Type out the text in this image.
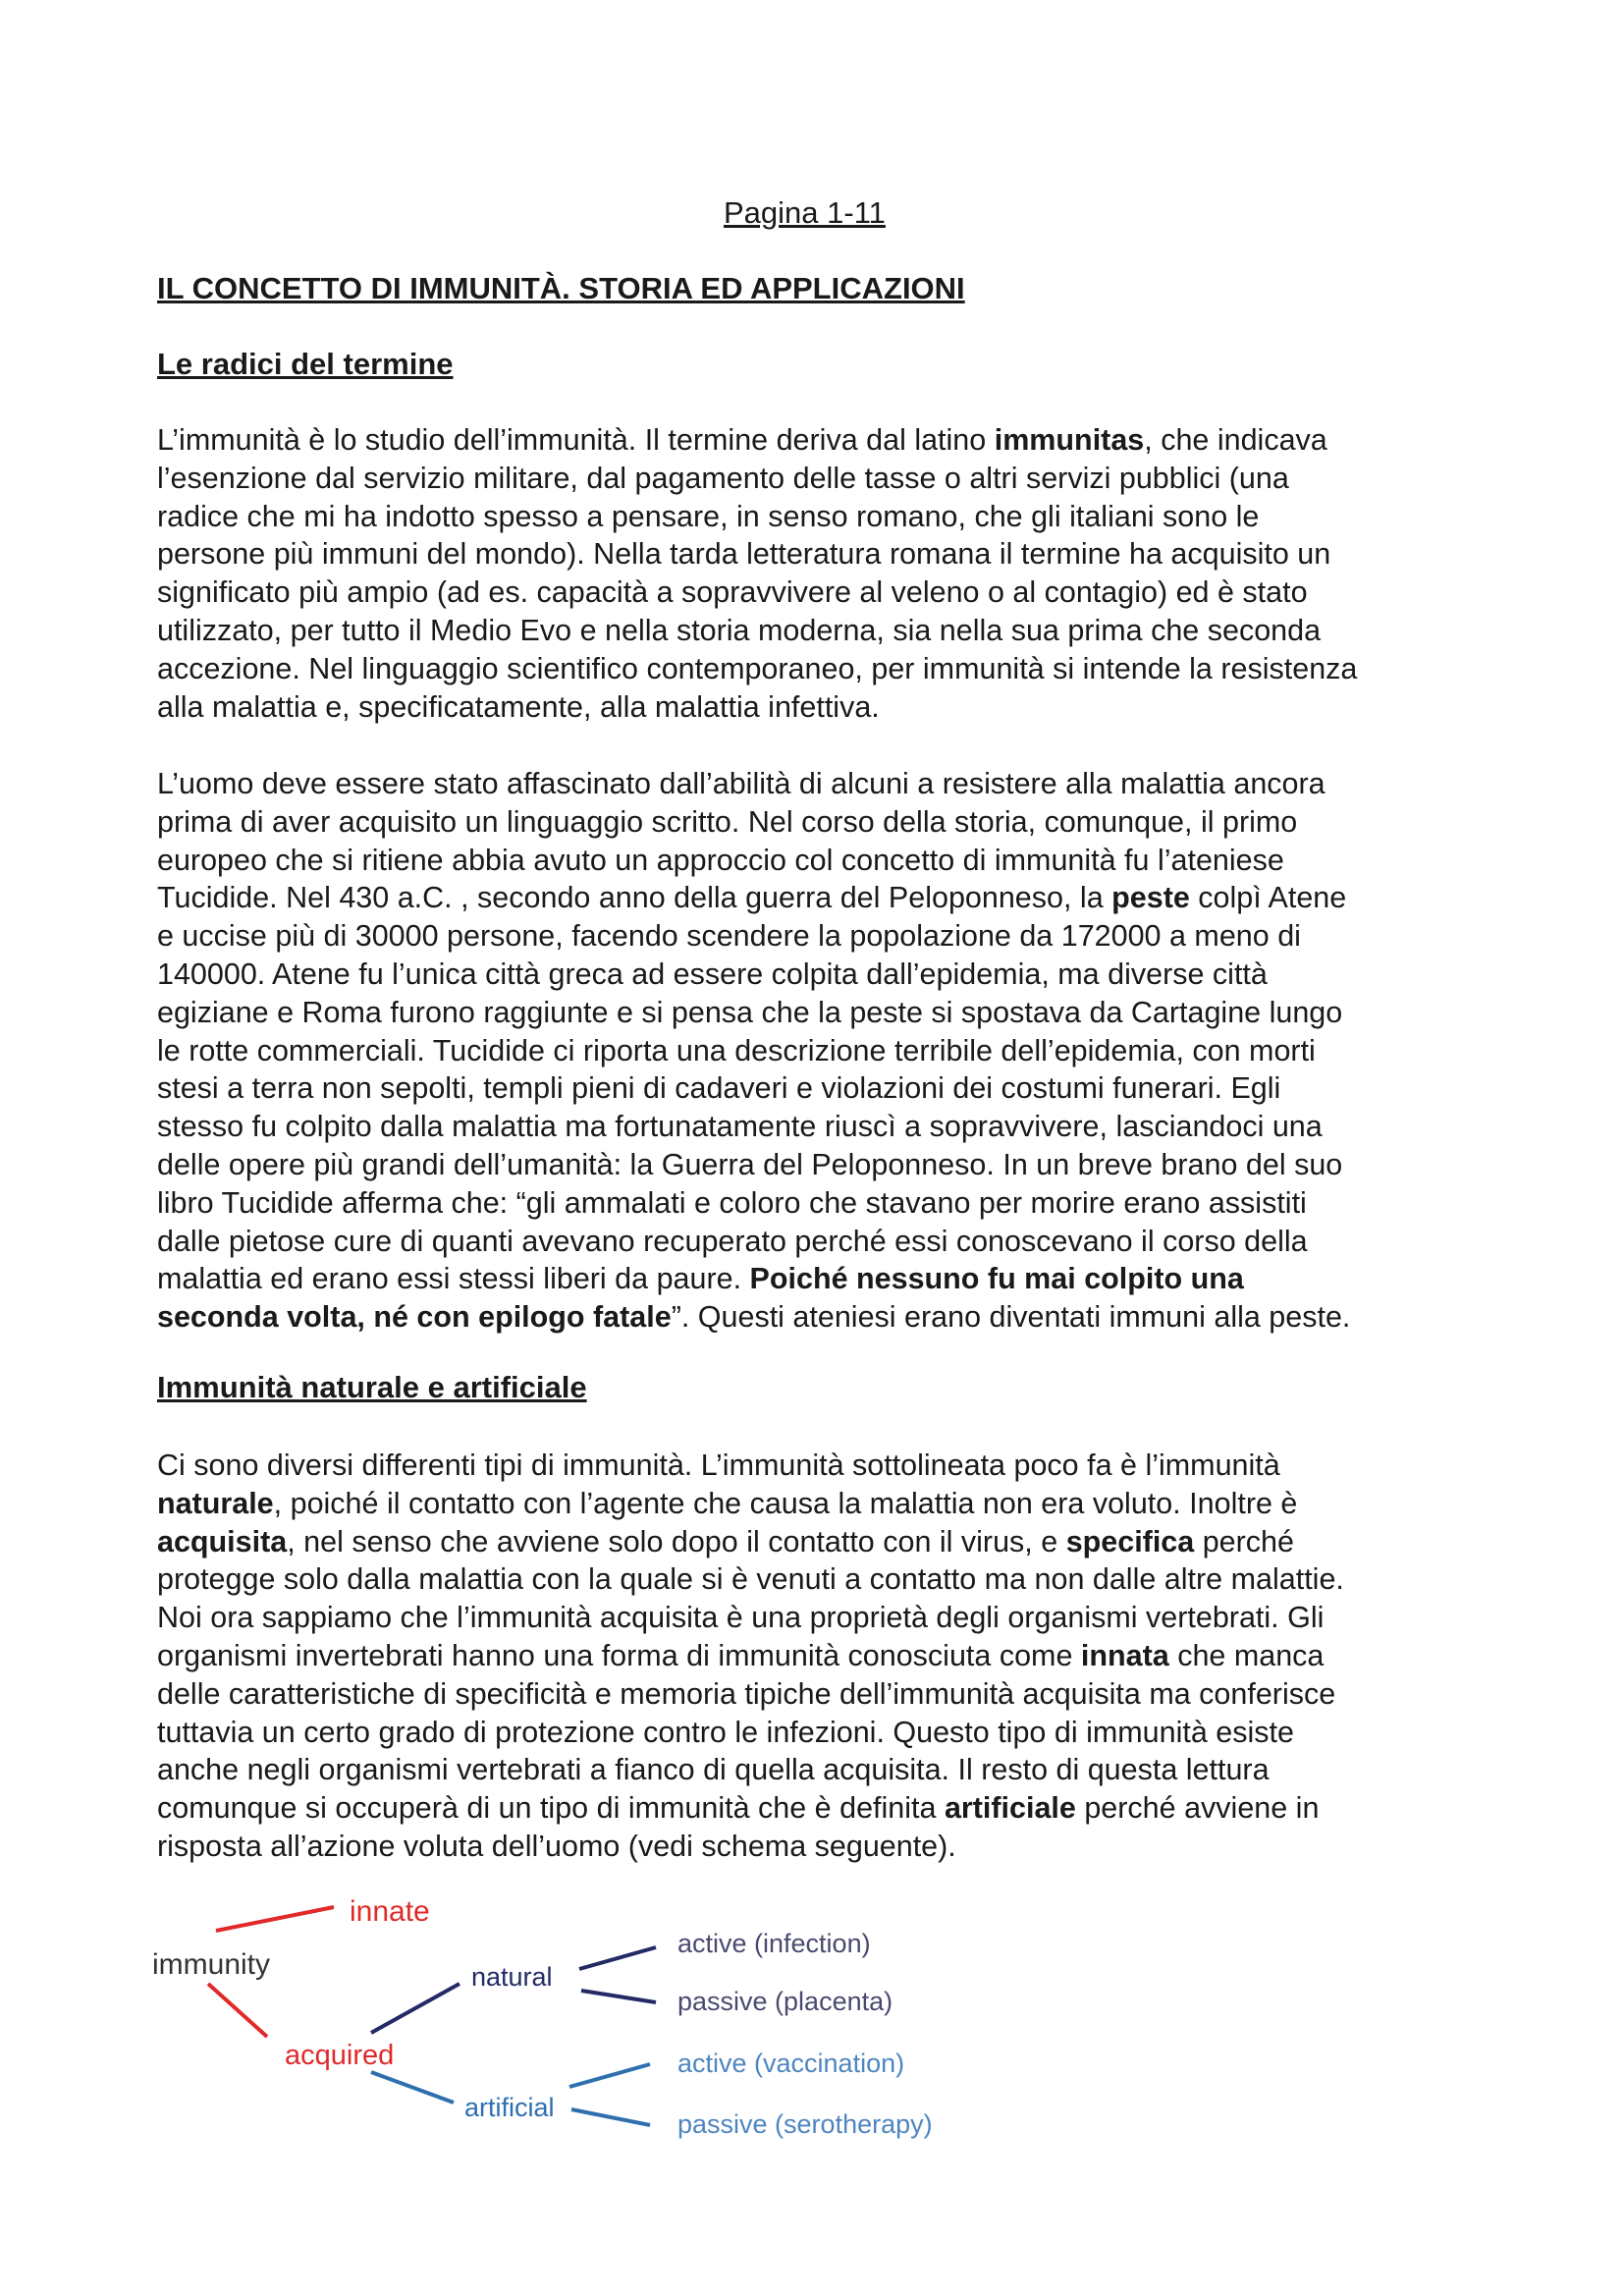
Pagina 1-11
IL CONCETTO DI IMMUNITÀ. STORIA ED APPLICAZIONI
Le radici del termine
L’immunità è lo studio dell’immunità. Il termine deriva dal latino immunitas, che indicava
l’esenzione dal servizio militare, dal pagamento delle tasse o altri servizi pubblici (una
radice che mi ha indotto spesso a pensare, in senso romano, che gli italiani sono le
persone più immuni del mondo). Nella tarda letteratura romana il termine ha acquisito un
significato più ampio (ad es. capacità a sopravvivere al veleno o al contagio) ed è stato
utilizzato, per tutto il Medio Evo e nella storia moderna, sia nella sua prima che seconda
accezione. Nel linguaggio scientifico contemporaneo, per immunità si intende la resistenza
alla malattia e, specificatamente, alla malattia infettiva.
L’uomo deve essere stato affascinato dall’abilità di alcuni a resistere alla malattia ancora
prima di aver acquisito un linguaggio scritto. Nel corso della storia, comunque, il primo
europeo che si ritiene abbia avuto un approccio col concetto di immunità fu l’ateniese
Tucidide. Nel 430 a.C. , secondo anno della guerra del Peloponneso, la peste colpì Atene
e uccise più di 30000 persone, facendo scendere la popolazione da 172000 a meno di
140000. Atene fu l’unica città greca ad essere colpita dall’epidemia, ma diverse città
egiziane e Roma furono raggiunte e si pensa che la peste si spostava da Cartagine lungo
le rotte commerciali. Tucidide ci riporta una descrizione terribile dell’epidemia, con morti
stesi a terra non sepolti, templi pieni di cadaveri e violazioni dei costumi funerari. Egli
stesso fu colpito dalla malattia ma fortunatamente riuscì a sopravvivere, lasciandoci una
delle opere più grandi dell’umanità: la Guerra del Peloponneso. In un breve brano del suo
libro Tucidide afferma che: “gli ammalati e coloro che stavano per morire erano assistiti
dalle pietose cure di quanti avevano recuperato perché essi conoscevano il corso della
malattia ed erano essi stessi liberi da paure. Poiché nessuno fu mai colpito una
seconda volta, né con epilogo fatale”. Questi ateniesi erano diventati immuni alla peste.
Immunità naturale e artificiale
Ci sono diversi differenti tipi di immunità. L’immunità sottolineata poco fa è l’immunità
naturale, poiché il contatto con l’agente che causa la malattia non era voluto. Inoltre è
acquisita, nel senso che avviene solo dopo il contatto con il virus, e specifica perché
protegge solo dalla malattia con la quale si è venuti a contatto ma non dalle altre malattie.
Noi ora sappiamo che l’immunità acquisita è una proprietà degli organismi vertebrati. Gli
organismi invertebrati hanno una forma di immunità conosciuta come innata che manca
delle caratteristiche di specificità e memoria tipiche dell’immunità acquisita ma conferisce
tuttavia un certo grado di protezione contro le infezioni. Questo tipo di immunità esiste
anche negli organismi vertebrati a fianco di quella acquisita. Il resto di questa lettura
comunque si occuperà di un tipo di immunità che è definita artificiale perché avviene in
risposta all’azione voluta dell’uomo (vedi schema seguente).
immunity
innate
acquired
natural
artificial
active (infection)
passive (placenta)
active (vaccination)
passive (serotherapy)
